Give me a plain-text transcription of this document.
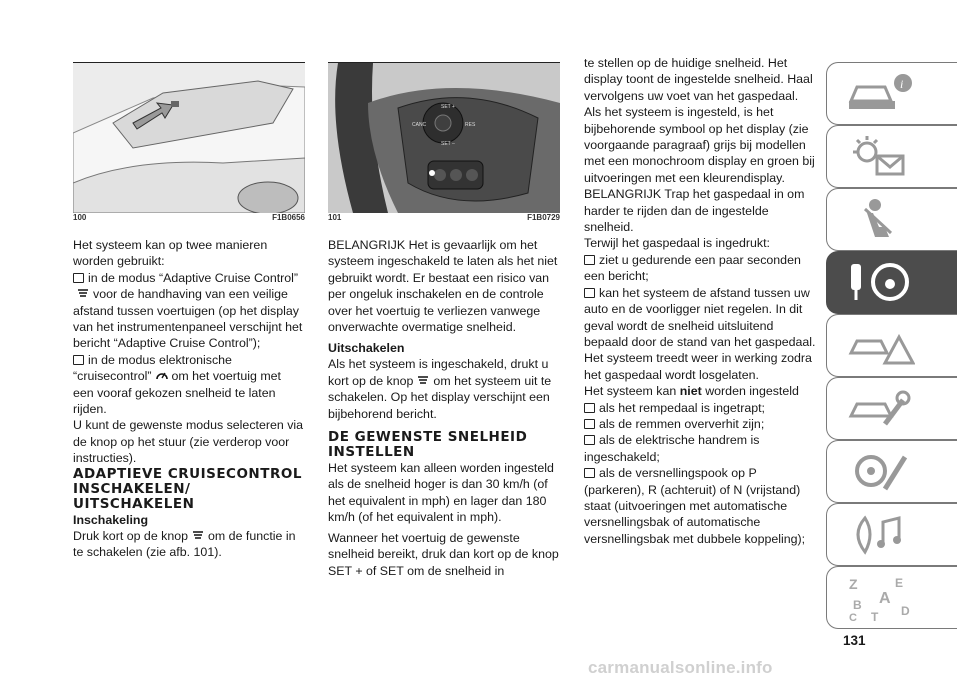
SET +
CANC	RES
SET –
100	F1B0656	101	F1B0729

Het systeem kan op twee manieren worden gebruikt:

in de modus “Adaptive Cruise Control”voor de handhaving van een veilige afstand tussen voertuigen (op het display van het instrumentenpaneel verschijnt het bericht “Adaptive Cruise Control”);

in de modus elektronische “cruisecontrol” om het voertuig met een vooraf gekozen snelheid te laten rijden.

U kunt de gewenste modus selecteren via de knop op het stuur (zie verderop voor instructies).

ADAPTIEVE CRUISECONTROL INSCHAKELEN/ UITSCHAKELEN

Inschakeling

Druk kort op de knop om de functie in te schakelen (zie afb. 101).

BELANGRIJK Het is gevaarlijk om het systeem ingeschakeld te laten als het niet gebruikt wordt. Er bestaat een risico van per ongeluk inschakelen en de controle over het voertuig te verliezen vanwege onverwachte overmatige snelheid.

Uitschakelen

Als het systeem is ingeschakeld, drukt u kort op de knop om het systeem uit te schakelen. Op het display verschijnt een bijbehorend bericht.

DE GEWENSTE SNELHEID INSTELLEN

Het systeem kan alleen worden ingesteld als de snelheid hoger is dan 30 km/h (of het equivalent in mph) en lager dan 180 km/h (of het equivalent in mph).

Wanneer het voertuig de gewenste snelheid bereikt, druk dan kort op de knop SET + of SET om de snelheid in

te stellen op de huidige snelheid. Het display toont de ingestelde snelheid. Haal vervolgens uw voet van het gaspedaal.

Als het systeem is ingesteld, is het bijbehorende symbool op het display (zie voorgaande paragraaf) grijs bij modellen met een monochroom display en groen bij uitvoeringen met een kleurendisplay.

BELANGRIJK Trap het gaspedaal in om harder te rijden dan de ingestelde snelheid.

Terwijl het gaspedaal is ingedrukt:

ziet u gedurende een paar seconden een bericht;

kan het systeem de afstand tussen uw auto en de voorligger niet regelen. In dit geval wordt de snelheid uitsluitend bepaald door de stand van het gaspedaal.

Het systeem treedt weer in werking zodra het gaspedaal wordt losgelaten.

Het systeem kan niet worden ingesteld

als het rempedaal is ingetrapt;

als de remmen oververhit zijn;

als de elektrische handrem is ingeschakeld;

als de versnellingspook op P (parkeren), R (achteruit) of N (vrijstand) staat (uitvoeringen met automatische versnellingsbak of automatische versnellingsbak met dubbele koppeling);

i
Z	E
B A
C T D
131
carmanualsonline.info
